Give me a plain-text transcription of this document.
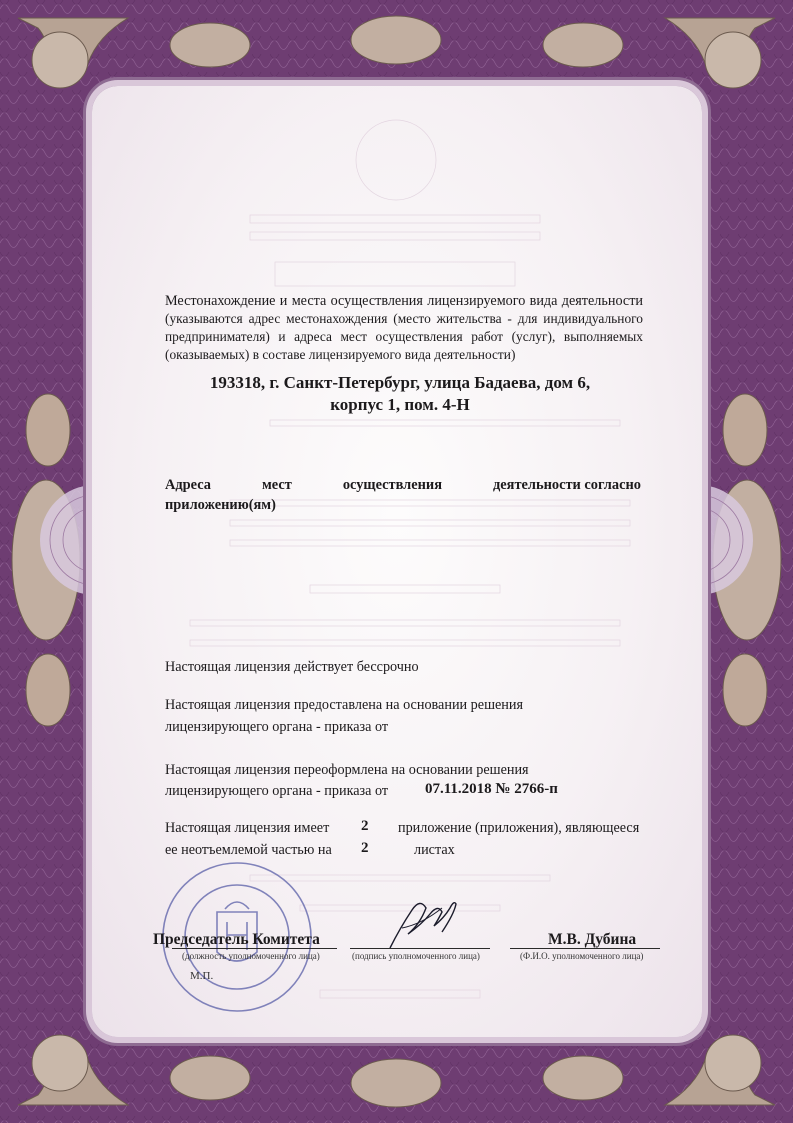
Местонахождение и места осуществления лицензируемого вида деятельности (указываются адрес местонахождения (место жительства - для индивидуального предпринимателя) и адреса мест осуществления работ (услуг), выполняемых (оказываемых) в составе лицензируемого вида деятельности)
193318, г. Санкт-Петербург, улица Бадаева, дом 6,
корпус 1, пом. 4-Н
Адреса	мест	осуществления	деятельности согласно
приложению(ям)
Настоящая лицензия действует бессрочно
Настоящая лицензия предоставлена на основании решения
лицензирующего органа - приказа от
Настоящая лицензия переоформлена на основании решения
лицензирующего органа - приказа от 07.11.2018 № 2766-п
Настоящая лицензия имеет 2 приложение (приложения), являющееся
ее неотъемлемой частью на 2	листах
Председатель Комитета	М.В. Дубина
(должность уполномоченного лица)	(подпись уполномоченного лица)	(Ф.И.О. уполномоченного лица)
М.П.
